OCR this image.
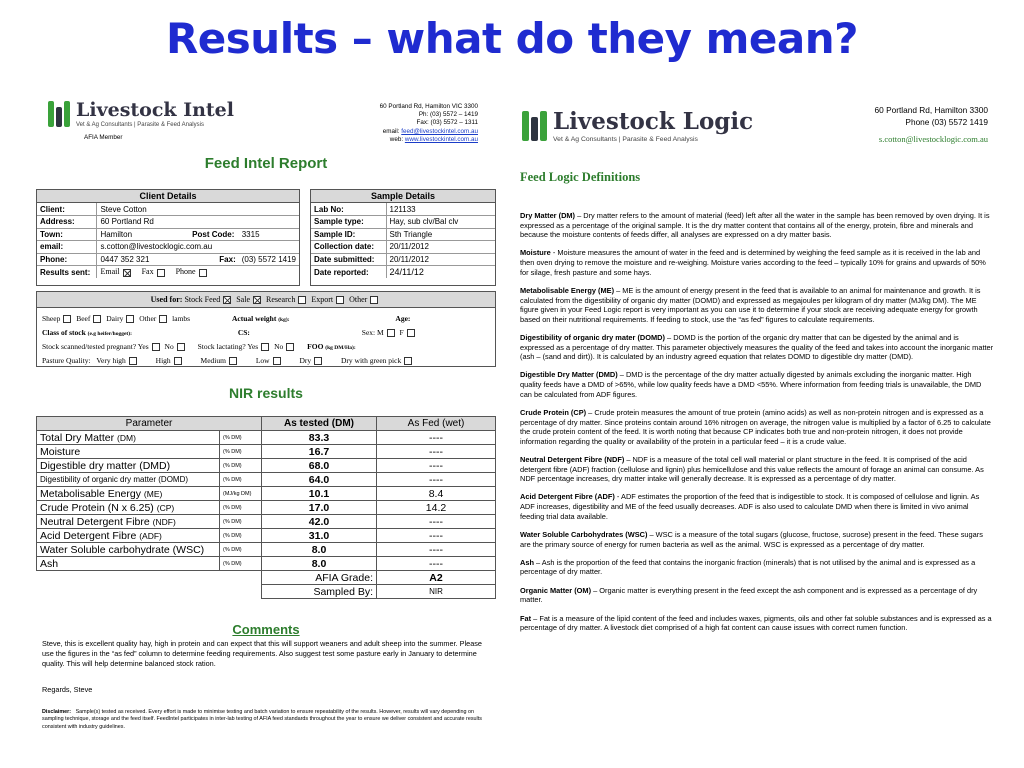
Results – what do they mean?
Livestock Intel
Vet & Ag Consultants | Parasite & Feed Analysis
AFIA Member
60 Portland Rd, Hamilton VIC 3300
Ph: (03) 5572 – 1419
Fax: (03) 5572 – 1311
email: feed@livestockintel.com.au
web: www.livestockintel.com.au
Feed Intel Report
Client Details
Client:	Steve Cotton		
Address:	60 Portland Rd		
Town:	Hamilton	Post Code:	3315
email:	s.cotton@livestocklogic.com.au		
Phone:	0447 352 321	Fax:	(03) 5572 1419
Results sent:	Email Fax Phone		
Sample Details
Lab No:	121133
Sample type:	Hay, sub clv/Bal clv
Sample ID:	Sth Triangle
Collection date:	20/11/2012
Date submitted:	20/11/2012
Date reported:	24/11/12
Used for: Stock Feed Sale Research Export Other
Sheep Beef Dairy Other lambs	Actual weight (kg):	Age:
Class of stock (e.g heifer/hogget):	CS:	Sex: M F
Stock scanned/tested pregnant? Yes No	Stock lactating? Yes No	FOO (kg DM/Ha):
Pasture Quality: Very high	High	Medium	Low	Dry	Dry with green pick
NIR results
Parameter		As tested (DM)	As Fed (wet)
Total Dry Matter (DM)	(% DM)	83.3	----
Moisture	(% DM)	16.7	----
Digestible dry matter (DMD)	(% DM)	68.0	----
Digestibility of organic dry matter (DOMD)	(% DM)	64.0	----
Metabolisable Energy (ME)	(MJ/kg DM)	10.1	8.4
Crude Protein (N x 6.25) (CP)	(% DM)	17.0	14.2
Neutral Detergent Fibre (NDF)	(% DM)	42.0	----
Acid Detergent Fibre (ADF)	(% DM)	31.0	----
Water Soluble carbohydrate (WSC)	(% DM)	8.0	----
Ash	(% DM)	8.0	----
		AFIA Grade:	A2
		Sampled By:	NIR
Comments

Steve, this is excellent quality hay, high in protein and can expect that this will support weaners and adult sheep into the summer. Please use the figures in the “as fed” column to determine feeding requirements. Also suggest test some pasture early in January to determine quality. This will help determine balanced stock ration.

Regards, Steve

Disclaimer: Sample(s) tested as received. Every effort is made to minimise testing and batch variation to ensure repeatability of the results. However, results will vary depending on sampling technique, storage and the feed itself. FeedIntel participates in inter-lab testing of AFIA feed standards throughout the year to ensure we deliver consistent and accurate results consistent with industry guidelines.
Livestock Logic
Vet & Ag Consultants | Parasite & Feed Analysis
60 Portland Rd, Hamilton 3300
Phone (03) 5572 1419
s.cotton@livestocklogic.com.au
Feed Logic Definitions

Dry Matter (DM) – Dry matter refers to the amount of material (feed) left after all the water in the sample has been removed by oven drying. It is expressed as a percentage of the original sample. It is the dry matter content that contains all of the energy, protein, fibre and minerals and because the moisture contents of feeds differ, all analyses are expressed on a dry matter basis.

Moisture - Moisture measures the amount of water in the feed and is determined by weighing the feed sample as it is received in the lab and then oven drying to remove the moisture and re-weighing. Moisture varies according to the feed – typically 10% for grains and upwards of 50% for silage, fresh pasture and some hays.

Metabolisable Energy (ME) – ME is the amount of energy present in the feed that is available to an animal for maintenance and growth. It is calculated from the digestibility of organic dry matter (DOMD) and expressed as megajoules per kilogram of dry matter (MJ/kg DM). The ME figure given in your Feed Logic report is very important as you can use it to determine if your stock are receiving adequate energy for growth based on their nutritional requirements. If feeding to stock, use the “as fed” figures to calculate requirements.

Digestibility of organic dry mater (DOMD) – DOMD is the portion of the organic dry matter that can be digested by the animal and is expressed as a percentage of dry matter. This parameter objectively measures the quality of the feed and takes into account the inorganic matter (ash – (sand and dirt)). It is calculated by an industry agreed equation that relates DOMD to digestible dry matter (DMD).

Digestible Dry Matter (DMD) – DMD is the percentage of the dry matter actually digested by animals excluding the inorganic matter. High quality feeds have a DMD of >65%, while low quality feeds have a DMD <55%. Where information from feeding trials is unavailable, the DMD can be calculated from ADF figures.

Crude Protein (CP) – Crude protein measures the amount of true protein (amino acids) as well as non-protein nitrogen and is expressed as a percentage of dry matter. Since proteins contain around 16% nitrogen on average, the nitrogen value is multiplied by a factor of 6.25 to calculate the crude protein content of the feed. It is worth noting that because CP indicates both true and non-protein nitrogen, it does not provide information regarding the quality or availability of the protein in a particular feed – it is a crude value.

Neutral Detergent Fibre (NDF) – NDF is a measure of the total cell wall material or plant structure in the feed. It is comprised of the acid detergent fibre (ADF) fraction (cellulose and lignin) plus hemicellulose and this value reflects the amount of forage an animal can consume. As NDF percentage increases, dry matter intake will generally decrease. It is expressed as a percentage of dry matter.

Acid Detergent Fibre (ADF) - ADF estimates the proportion of the feed that is indigestible to stock. It is composed of cellulose and lignin. As ADF increases, digestibility and ME of the feed usually decreases. ADF is also used to calculate DMD when there is limited in vivo animal feeding trial data available.

Water Soluble Carbohydrates (WSC) – WSC is a measure of the total sugars (glucose, fructose, sucrose) present in the feed. These sugars are the primary source of energy for rumen bacteria as well as the animal. WSC is expressed as a percentage of dry matter.

Ash – Ash is the proportion of the feed that contains the inorganic fraction (minerals) that is not utilised by the animal and is expressed as a percentage of dry matter.

Organic Matter (OM) – Organic matter is everything present in the feed except the ash component and is expressed as a percentage of dry matter.

Fat – Fat is a measure of the lipid content of the feed and includes waxes, pigments, oils and other fat soluble substances and is expressed as a percentage of dry matter. A livestock diet comprised of a high fat content can cause issues with correct rumen function.
